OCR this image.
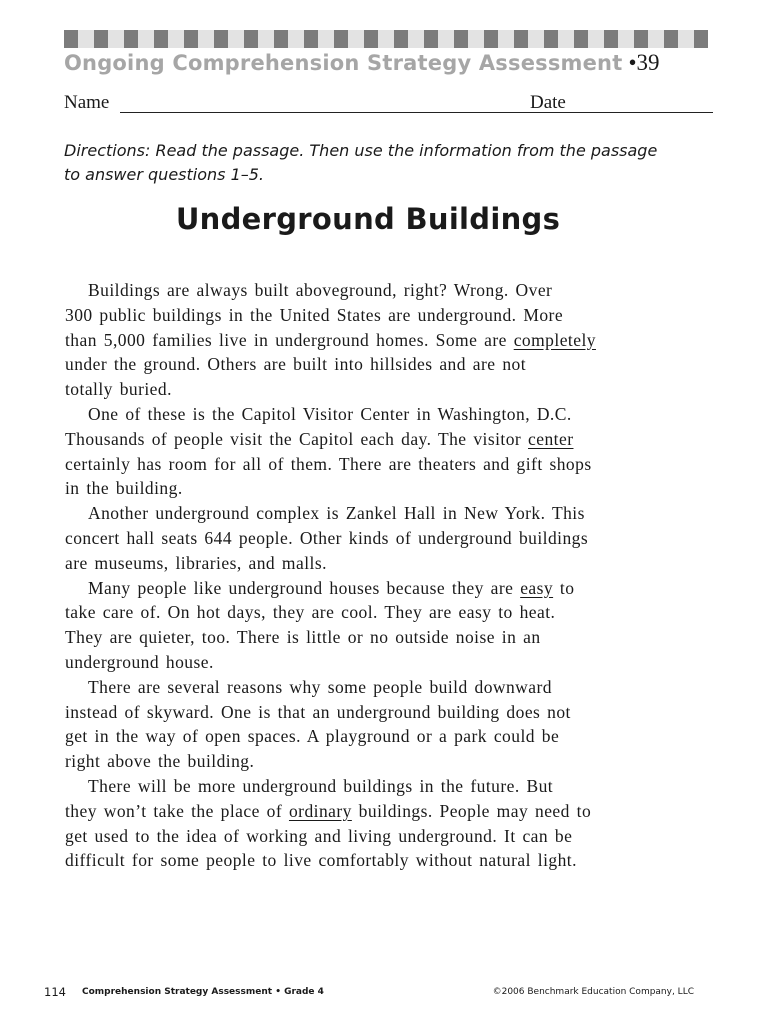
Ongoing Comprehension Strategy Assessment •39
Name	Date
Directions: Read the passage. Then use the information from the passage
to answer questions 1–5.
Underground Buildings
Buildings are always built aboveground, right? Wrong. Over
300 public buildings in the United States are underground. More
than 5,000 families live in underground homes. Some are completely
under the ground. Others are built into hillsides and are not
totally buried.
One of these is the Capitol Visitor Center in Washington, D.C.
Thousands of people visit the Capitol each day. The visitor center
certainly has room for all of them. There are theaters and gift shops
in the building.
Another underground complex is Zankel Hall in New York. This
concert hall seats 644 people. Other kinds of underground buildings
are museums, libraries, and malls.
Many people like underground houses because they are easy to
take care of. On hot days, they are cool. They are easy to heat.
They are quieter, too. There is little or no outside noise in an
underground house.
There are several reasons why some people build downward
instead of skyward. One is that an underground building does not
get in the way of open spaces. A playground or a park could be
right above the building.
There will be more underground buildings in the future. But
they won’t take the place of ordinary buildings. People may need to
get used to the idea of working and living underground. It can be
difficult for some people to live comfortably without natural light.
114 Comprehension Strategy Assessment • Grade 4	©2006 Benchmark Education Company, LLC
